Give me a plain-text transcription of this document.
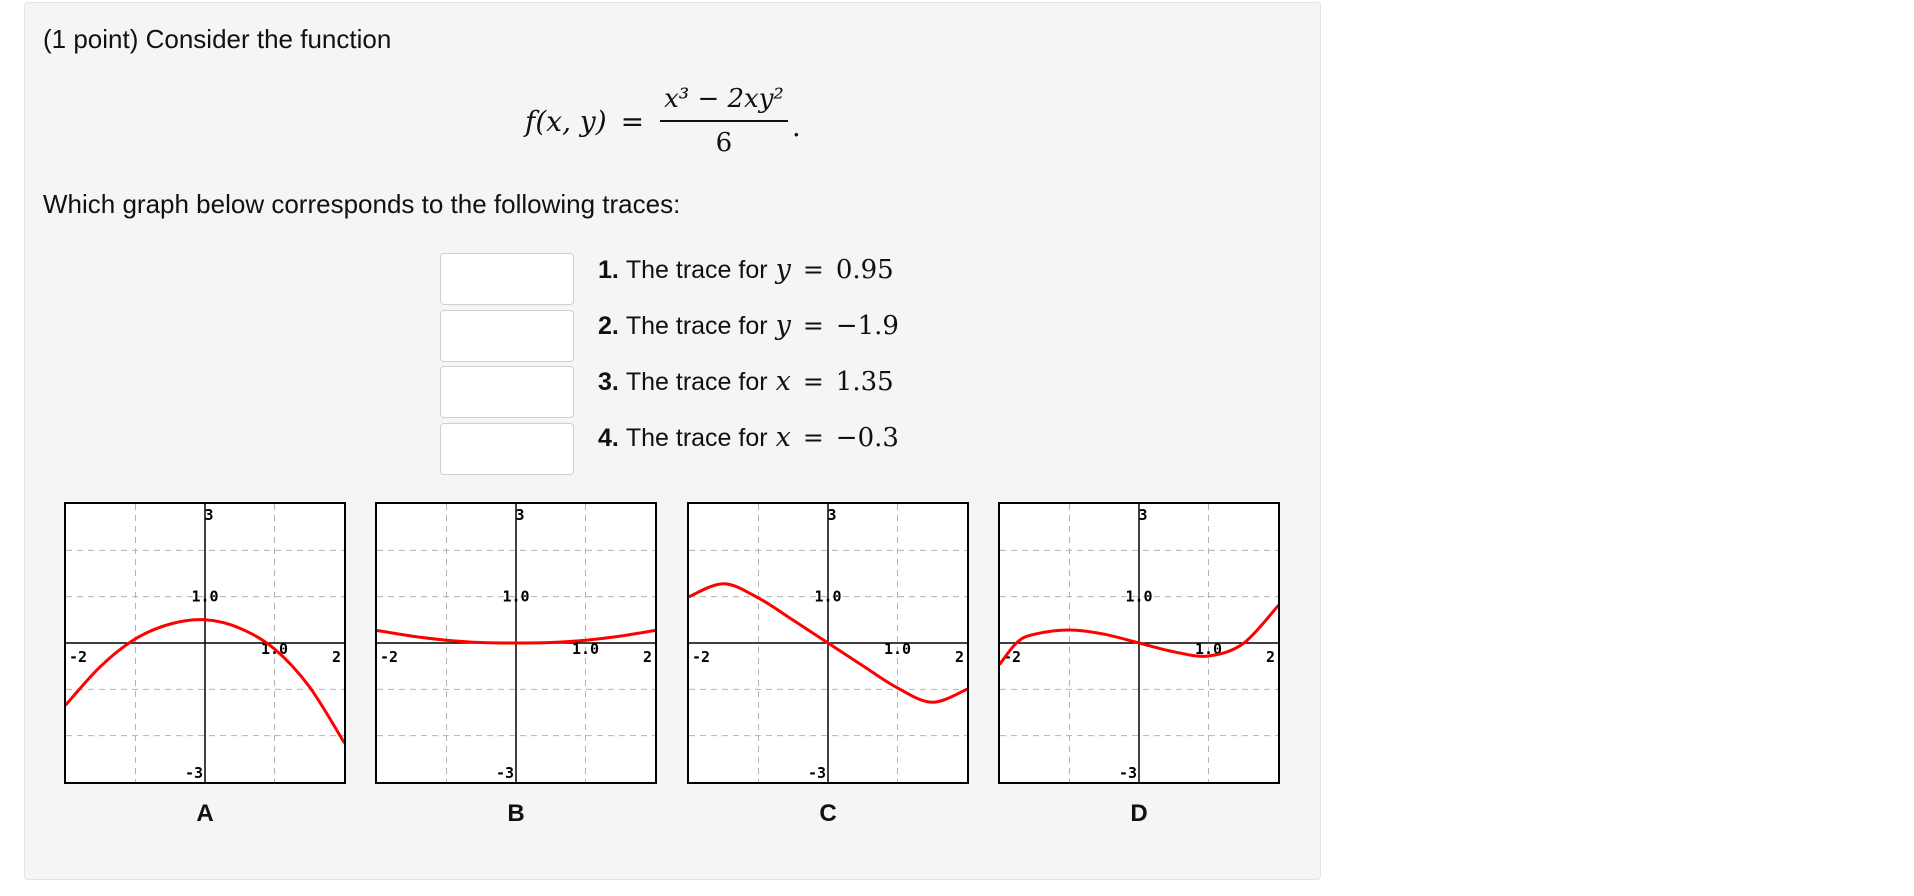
(1 point) Consider the function
f(x, $y) = \frac{\text{x³ − 2xy²}}{6}$ .
Which graph below corresponds to the following traces:
1. The trace for y = 0.95
2. The trace for y = −1.9
3. The trace for x = 1.35
4. The trace for x = −0.3
-2	2
3
-3
1.0
1.0	-2	2
3
-3
1.0
1.0	-2	2
3
-3
1.0
1.0	-2	2
3
-3
1.0
1.0
A	B	C	D
